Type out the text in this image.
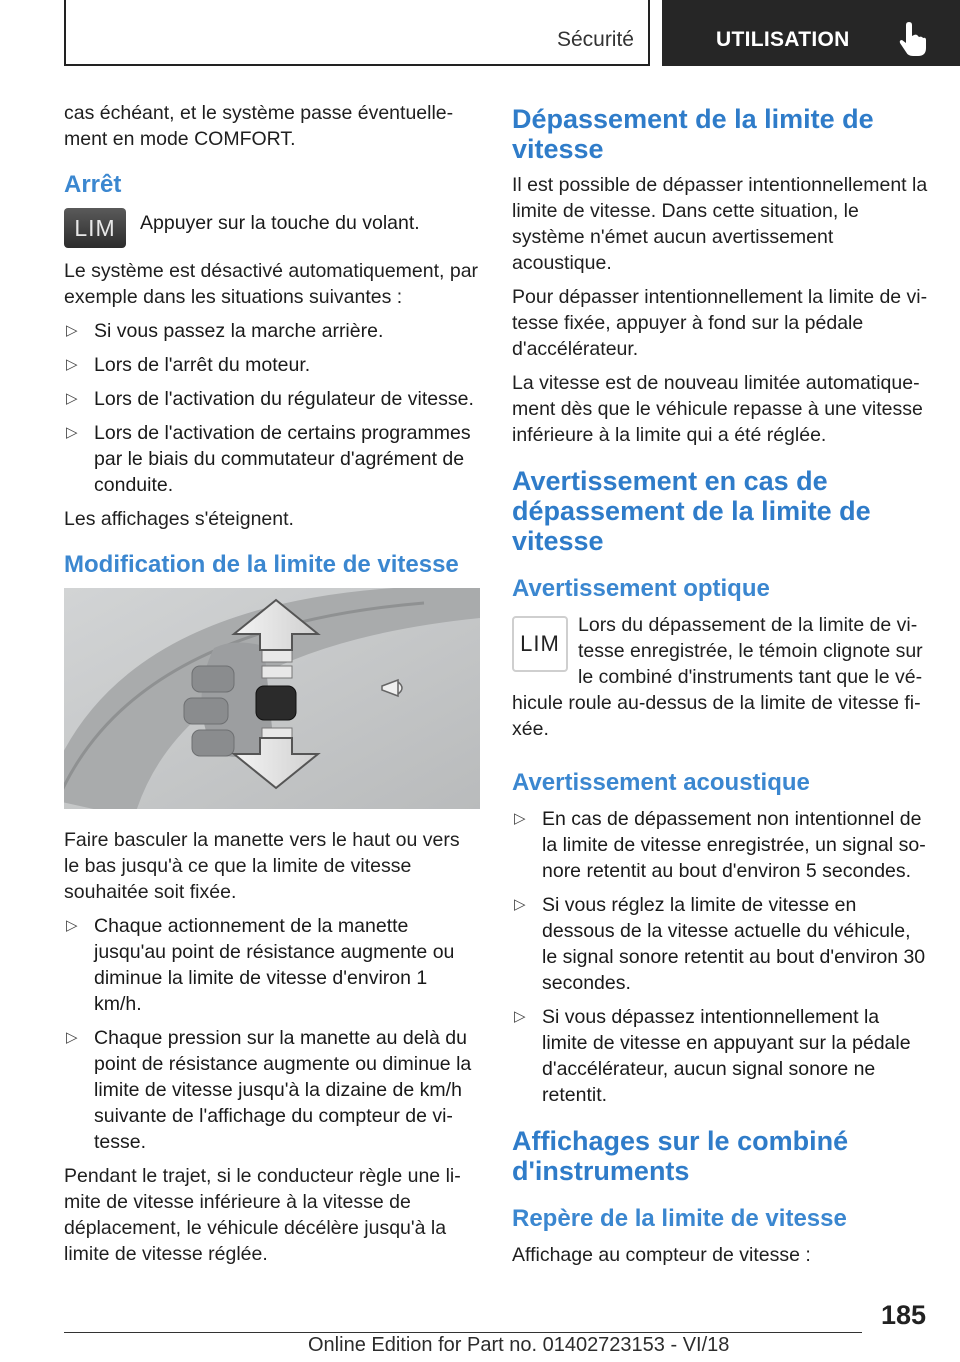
Sécurité	UTILISATION

cas échéant, et le système passe éventuellement en mode COMFORT.

Arrêt
LIM	Appuyer sur la touche du volant.

Le système est désactivé automatiquement, par exemple dans les situations suivantes :

▷ Si vous passez la marche arrière.
▷ Lors de l'arrêt du moteur.
▷ Lors de l'activation du régulateur de vitesse.
▷ Lors de l'activation de certains programmes par le biais du commutateur d'agrément de conduite.

Les affichages s'éteignent.

Modification de la limite de vitesse

Faire basculer la manette vers le haut ou vers le bas jusqu'à ce que la limite de vitesse souhaitée soit fixée.

▷ Chaque actionnement de la manette jusqu'au point de résistance augmente ou diminue la limite de vitesse d'environ 1 km/h.
▷ Chaque pression sur la manette au delà du point de résistance augmente ou diminue la limite de vitesse jusqu'à la dizaine de km/h suivante de l'affichage du compteur de vitesse.

Pendant le trajet, si le conducteur règle une limite de vitesse inférieure à la vitesse de déplacement, le véhicule décélère jusqu'à la limite de vitesse réglée.

Dépassement de la limite de vitesse

Il est possible de dépasser intentionnellement la limite de vitesse. Dans cette situation, le système n'émet aucun avertissement acoustique.

Pour dépasser intentionnellement la limite de vitesse fixée, appuyer à fond sur la pédale d'accélérateur.

La vitesse est de nouveau limitée automatiquement dès que le véhicule repasse à une vitesse inférieure à la limite qui a été réglée.

Avertissement en cas de dépassement de la limite de vitesse
Avertissement optique
LIM

Lors du dépassement de la limite de vitesse enregistrée, le témoin clignote sur le combiné d'instruments tant que le véhicule roule au-dessus de la limite de vitesse fixée.

Avertissement acoustique
▷ En cas de dépassement non intentionnel de la limite de vitesse enregistrée, un signal sonore retentit au bout d'environ 5 secondes.
▷ Si vous réglez la limite de vitesse en dessous de la vitesse actuelle du véhicule, le signal sonore retentit au bout d'environ 30 secondes.
▷ Si vous dépassez intentionnellement la limite de vitesse en appuyant sur la pédale d'accélérateur, aucun signal sonore ne retentit.
Affichages sur le combiné d'instruments
Repère de la limite de vitesse

Affichage au compteur de vitesse :

185
Online Edition for Part no. 01402723153 - VI/18
